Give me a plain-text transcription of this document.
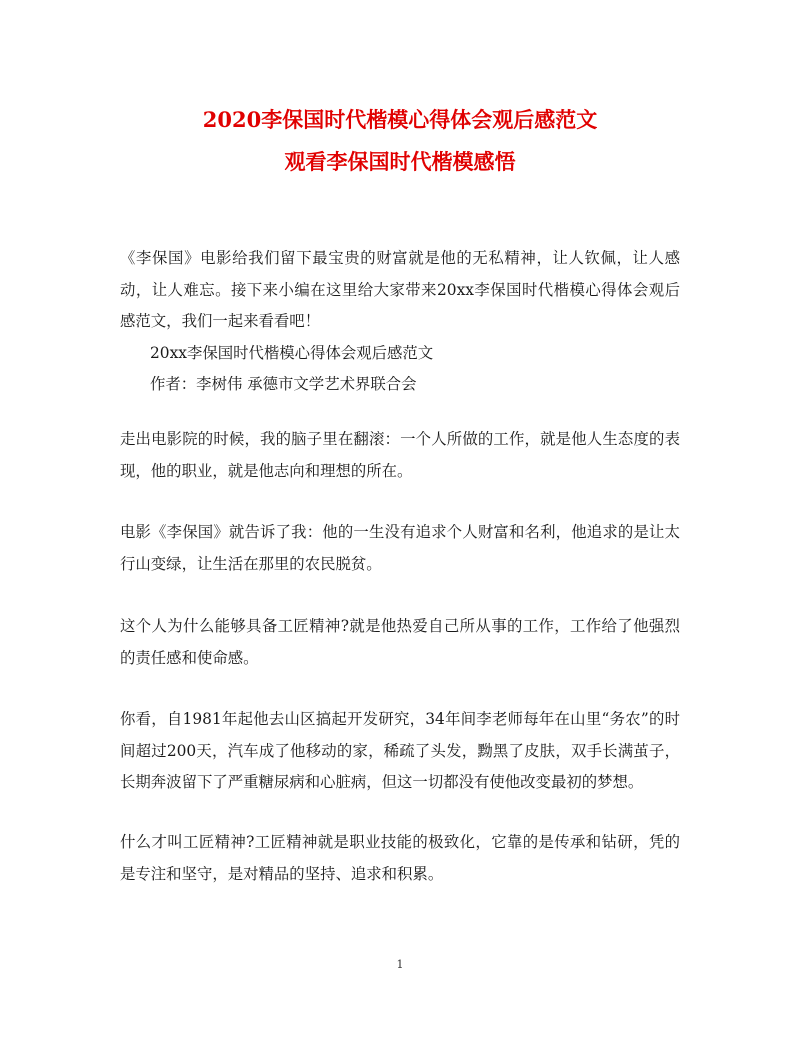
2020李保国时代楷模心得体会观后感范文
观看李保国时代楷模感悟

《李保国》电影给我们留下最宝贵的财富就是他的无私精神，让人钦佩，让人感动，让人难忘。接下来小编在这里给大家带来20xx李保国时代楷模心得体会观后感范文，我们一起来看看吧！

20xx李保国时代楷模心得体会观后感范文

作者：李树伟 承德市文学艺术界联合会

走出电影院的时候，我的脑子里在翻滚：一个人所做的工作，就是他人生态度的表现，他的职业，就是他志向和理想的所在。

电影《李保国》就告诉了我：他的一生没有追求个人财富和名利，他追求的是让太行山变绿，让生活在那里的农民脱贫。

这个人为什么能够具备工匠精神?就是他热爱自己所从事的工作，工作给了他强烈的责任感和使命感。

你看，自1981年起他去山区搞起开发研究，34年间李老师每年在山里“务农”的时间超过200天，汽车成了他移动的家，稀疏了头发，黝黑了皮肤，双手长满茧子，长期奔波留下了严重糖尿病和心脏病，但这一切都没有使他改变最初的梦想。

什么才叫工匠精神?工匠精神就是职业技能的极致化，它靠的是传承和钻研，凭的是专注和坚守，是对精品的坚持、追求和积累。

1
